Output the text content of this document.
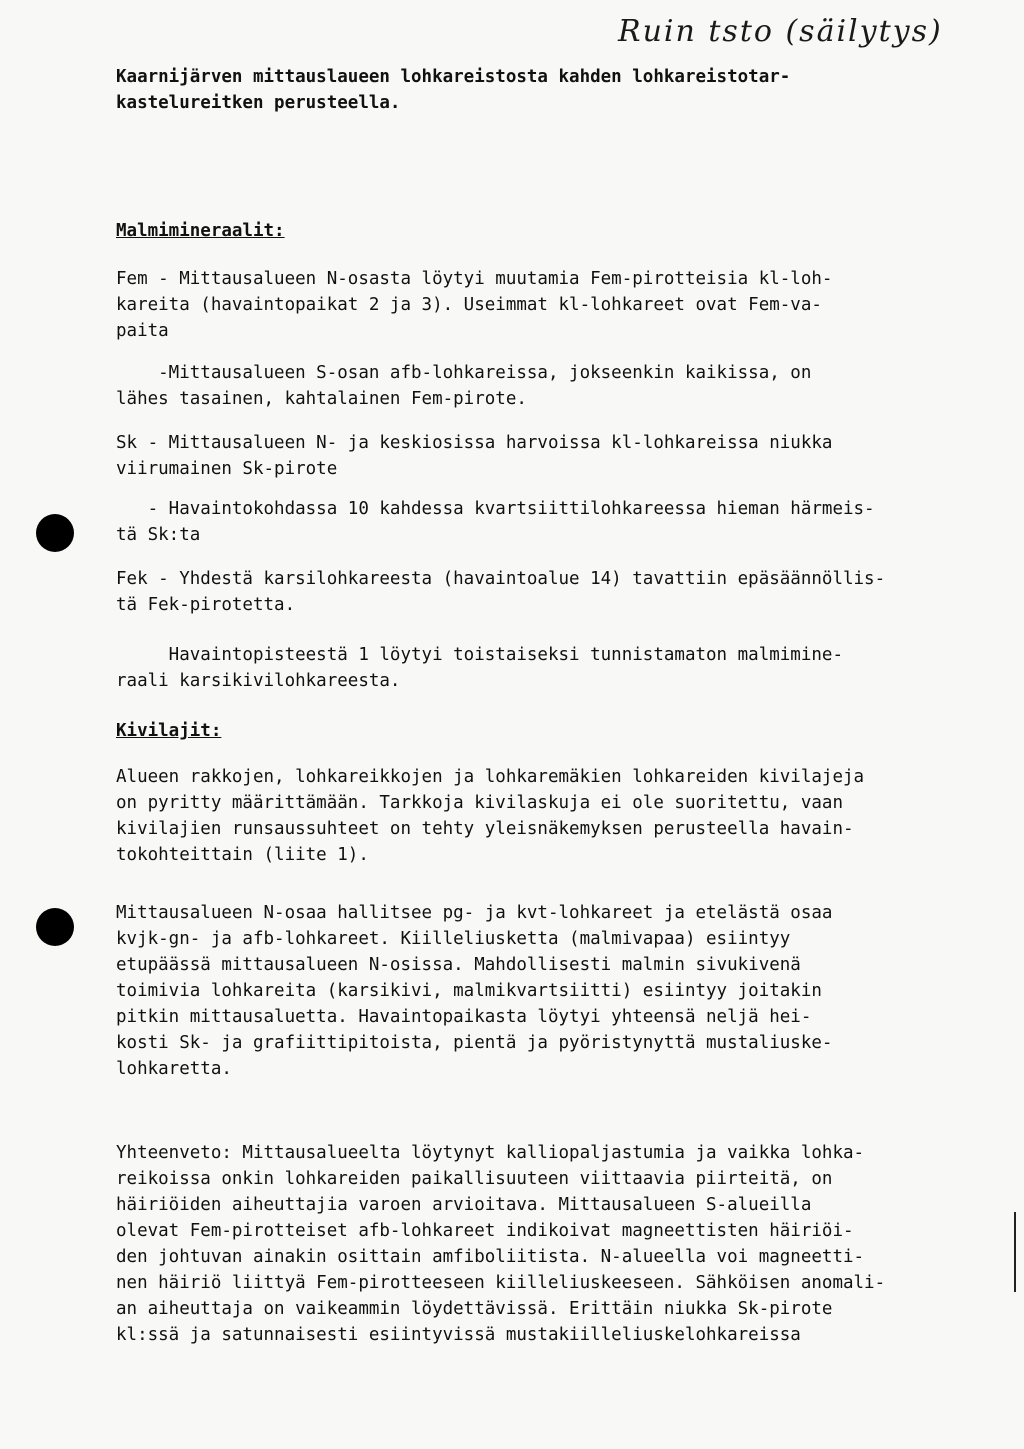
Ruin tsto (säilytys)
Kaarnijärven mittauslaueen lohkareistosta kahden lohkareistotar-
kastelureitken perusteella.
Malmimineraalit:
Fem - Mittausalueen N-osasta löytyi muutamia Fem-pirotteisia kl-loh-
kareita (havaintopaikat 2 ja 3). Useimmat kl-lohkareet ovat Fem-va-
paita
-Mittausalueen S-osan afb-lohkareissa, jokseenkin kaikissa, on
lähes tasainen, kahtalainen Fem-pirote.
Sk - Mittausalueen N- ja keskiosissa harvoissa kl-lohkareissa niukka
viirumainen Sk-pirote
- Havaintokohdassa 10 kahdessa kvartsiittilohkareessa hieman härmeis-
tä Sk:ta
Fek - Yhdestä karsilohkareesta (havaintoalue 14) tavattiin epäsäännöllis-
tä Fek-pirotetta.
Havaintopisteestä 1 löytyi toistaiseksi tunnistamaton malmimine-
raali karsikivilohkareesta.
Kivilajit:
Alueen rakkojen, lohkareikkojen ja lohkaremäkien lohkareiden kivilajeja
on pyritty määrittämään. Tarkkoja kivilaskuja ei ole suoritettu, vaan
kivilajien runsaussuhteet on tehty yleisnäkemyksen perusteella havain-
tokohteittain (liite 1).
Mittausalueen N-osaa hallitsee pg- ja kvt-lohkareet ja etelästä osaa
kvjk-gn- ja afb-lohkareet. Kiilleliusketta (malmivapaa) esiintyy
etupäässä mittausalueen N-osissa. Mahdollisesti malmin sivukivenä
toimivia lohkareita (karsikivi, malmikvartsiitti) esiintyy joitakin
pitkin mittausaluetta. Havaintopaikasta löytyi yhteensä neljä hei-
kosti Sk- ja grafiittipitoista, pientä ja pyöristynyttä mustaliuske-
lohkaretta.
Yhteenveto: Mittausalueelta löytynyt kalliopaljastumia ja vaikka lohka-
reikoissa onkin lohkareiden paikallisuuteen viittaavia piirteitä, on
häiriöiden aiheuttajia varoen arvioitava. Mittausalueen S-alueilla
olevat Fem-pirotteiset afb-lohkareet indikoivat magneettisten häiriöi-
den johtuvan ainakin osittain amfiboliitista. N-alueella voi magneetti-
nen häiriö liittyä Fem-pirotteeseen kiilleliuskeeseen. Sähköisen anomali-
an aiheuttaja on vaikeammin löydettävissä. Erittäin niukka Sk-pirote
kl:ssä ja satunnaisesti esiintyvissä mustakiilleliuskelohkareissa
